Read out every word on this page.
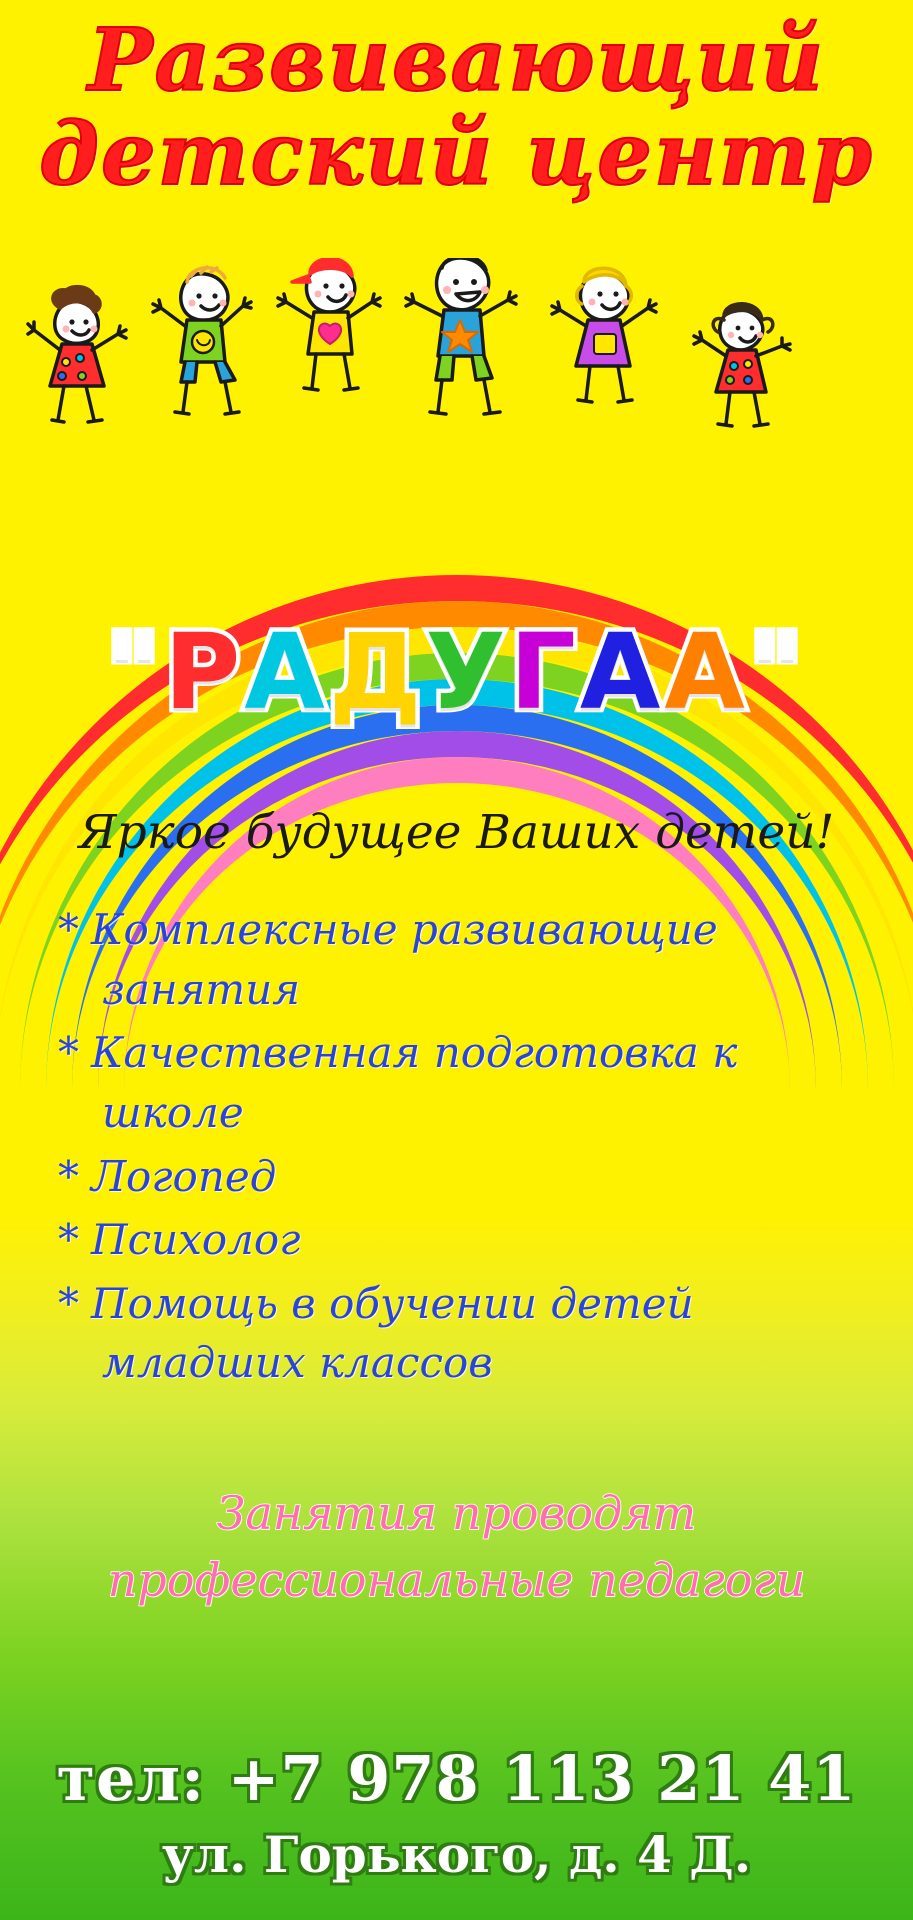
Развивающий
детский центр
"РАДУГАА"
Яркое будущее Ваших детей!
* Комплексные развивающие занятия
* Качественная подготовка к школе
* Логопед
* Психолог
* Помощь в обучении детей младших классов
Занятия проводят
профессиональные педагоги
тел: +7 978 113 21 41
ул. Горького, д. 4 Д.
